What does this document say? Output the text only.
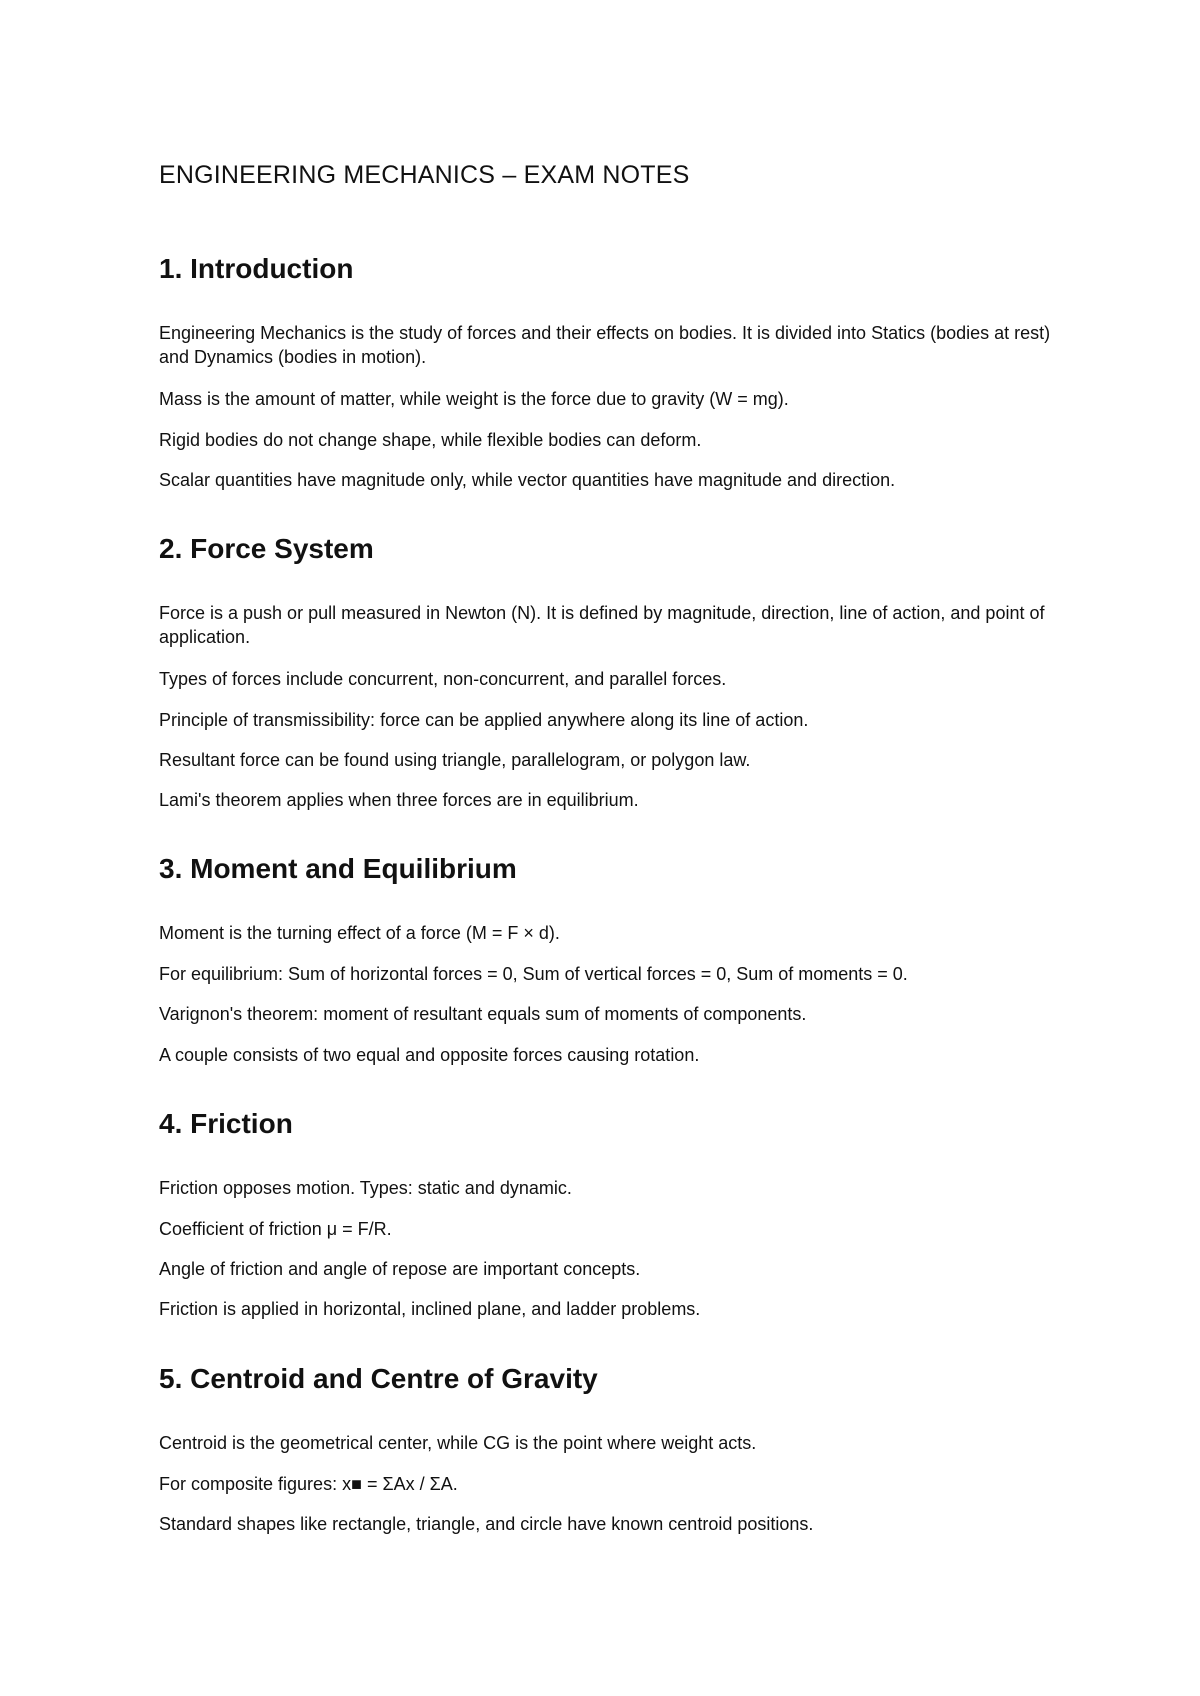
ENGINEERING MECHANICS – EXAM NOTES
1. Introduction

Engineering Mechanics is the study of forces and their effects on bodies. It is divided into Statics (bodies at rest) and Dynamics (bodies in motion).

Mass is the amount of matter, while weight is the force due to gravity (W = mg).

Rigid bodies do not change shape, while flexible bodies can deform.

Scalar quantities have magnitude only, while vector quantities have magnitude and direction.

2. Force System

Force is a push or pull measured in Newton (N). It is defined by magnitude, direction, line of action, and point of application.

Types of forces include concurrent, non-concurrent, and parallel forces.

Principle of transmissibility: force can be applied anywhere along its line of action.

Resultant force can be found using triangle, parallelogram, or polygon law.

Lami's theorem applies when three forces are in equilibrium.

3. Moment and Equilibrium

Moment is the turning effect of a force (M = F × d).

For equilibrium: Sum of horizontal forces = 0, Sum of vertical forces = 0, Sum of moments = 0.

Varignon's theorem: moment of resultant equals sum of moments of components.

A couple consists of two equal and opposite forces causing rotation.

4. Friction

Friction opposes motion. Types: static and dynamic.

Coefficient of friction μ = F/R.

Angle of friction and angle of repose are important concepts.

Friction is applied in horizontal, inclined plane, and ladder problems.

5. Centroid and Centre of Gravity

Centroid is the geometrical center, while CG is the point where weight acts.

For composite figures: x■ = ΣAx / ΣA.

Standard shapes like rectangle, triangle, and circle have known centroid positions.
